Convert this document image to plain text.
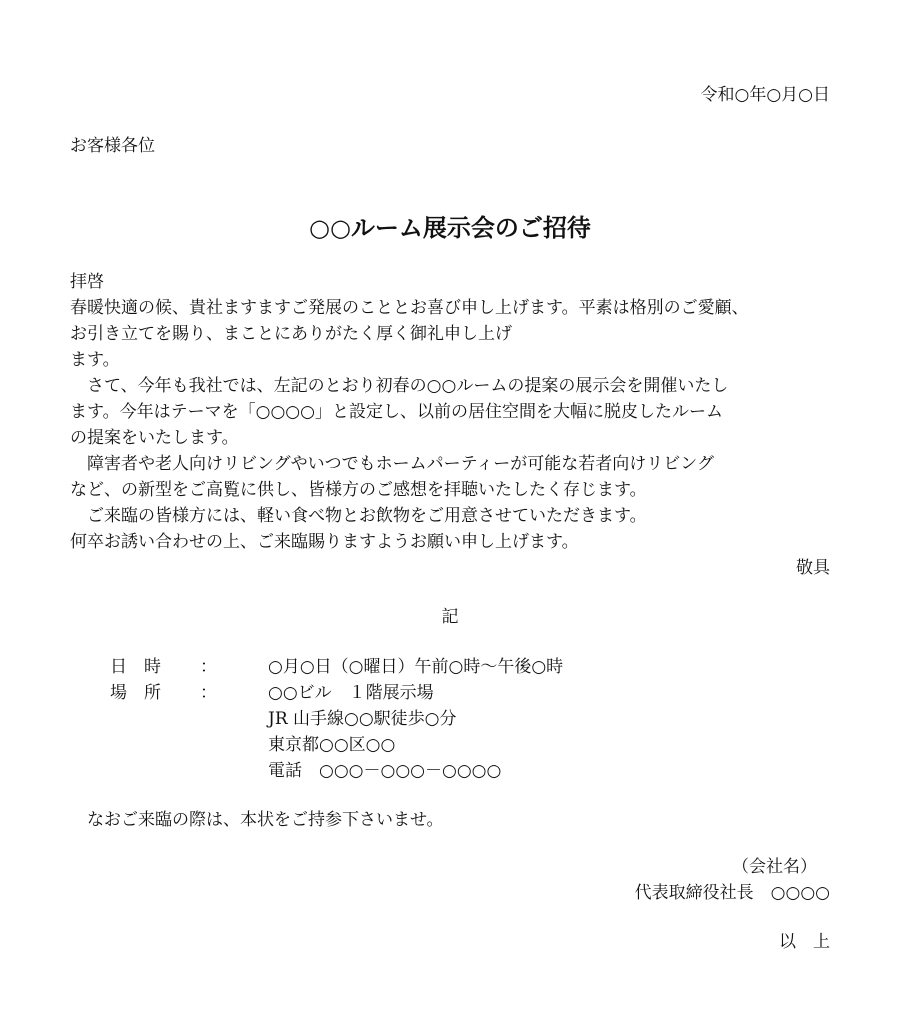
令和○年○月○日
お客様各位
○○ルーム展示会のご招待
拝啓
春暖快適の候、貴社ますますご発展のこととお喜び申し上げます。平素は格別のご愛顧、
お引き立てを賜り、まことにありがたく厚く御礼申し上げ
ます。
さて、今年も我社では、左記のとおり初春の○○ルームの提案の展示会を開催いたし
ます。今年はテーマを「○○○○」と設定し、以前の居住空間を大幅に脱皮したルーム
の提案をいたします。
障害者や老人向けリビングやいつでもホームパーティーが可能な若者向けリビング
など、の新型をご高覧に供し、皆様方のご感想を拝聴いたしたく存じます。
ご来臨の皆様方には、軽い食べ物とお飲物をご用意させていただきます。
何卒お誘い合わせの上、ご来臨賜りますようお願い申し上げます。
敬具
記
日　時 ：	○月○日（○曜日）午前○時～午後○時
場　所 ：	○○ビル　１階展示場
JR 山手線○○駅徒歩○分
東京都○○区○○
電話　○○○－○○○－○○○○
なおご来臨の際は、本状をご持参下さいませ。
（会社名）
代表取締役社長　○○○○
以　上
